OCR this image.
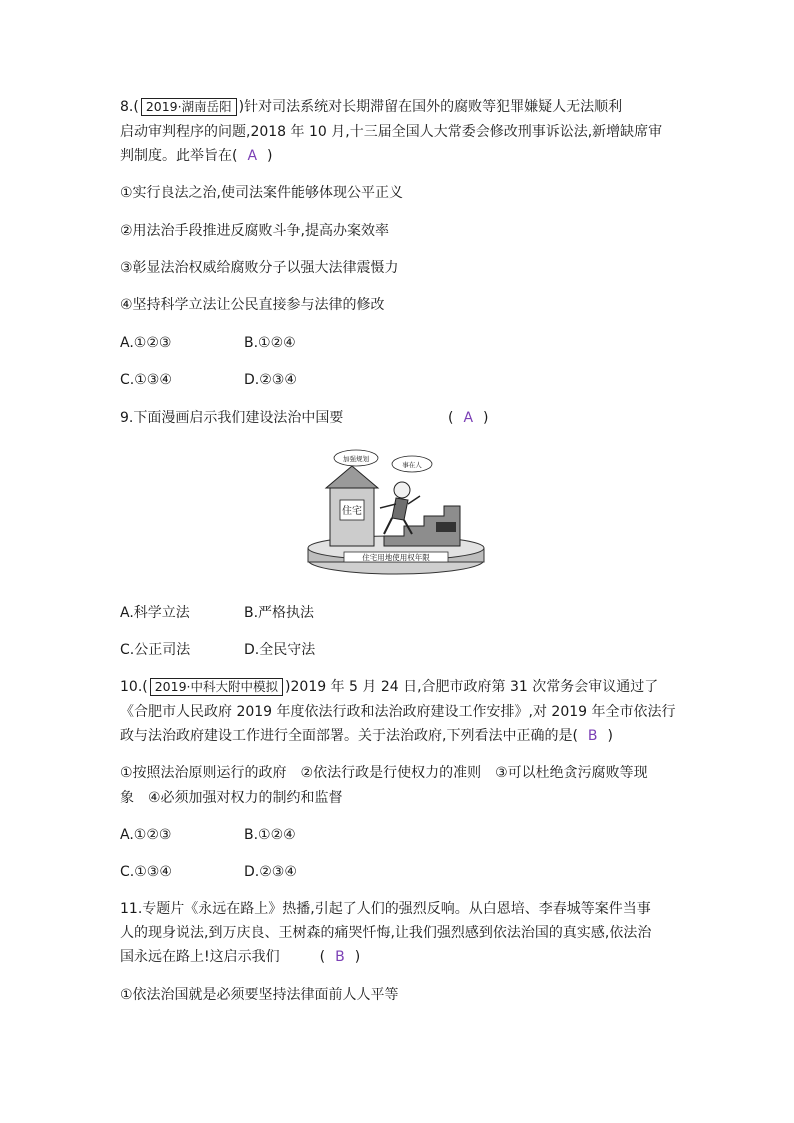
8.( 2019·湖南岳阳 )针对司法系统对长期滞留在国外的腐败等犯罪嫌疑人无法顺利
启动审判程序的问题,2018 年 10 月,十三届全国人大常委会修改刑事诉讼法,新增缺席审
判制度。此举旨在( A )
①实行良法之治,使司法案件能够体现公平正义
②用法治手段推进反腐败斗争,提高办案效率
③彰显法治权威给腐败分子以强大法律震慑力
④坚持科学立法让公民直接参与法律的修改
A.①②③	B.①②④
C.①③④	D.②③④
9.下面漫画启示我们建设法治中国要	( A )
住宅用地使用权年限
住宅
加强规划
事在人
A.科学立法	B.严格执法
C.公正司法	D.全民守法
10.( 2019·中科大附中模拟 )2019 年 5 月 24 日,合肥市政府第 31 次常务会审议通过了
《合肥市人民政府 2019 年度依法行政和法治政府建设工作安排》,对 2019 年全市依法行
政与法治政府建设工作进行全面部署。关于法治政府,下列看法中正确的是( B )
①按照法治原则运行的政府　②依法行政是行使权力的准则　③可以杜绝贪污腐败等现
象　④必须加强对权力的制约和监督
A.①②③	B.①②④
C.①③④	D.②③④
11.专题片《永远在路上》热播,引起了人们的强烈反响。从白恩培、李春城等案件当事
人的现身说法,到万庆良、王树森的痛哭忏悔,让我们强烈感到依法治国的真实感,依法治
国永远在路上!这启示我们	( B )
①依法治国就是必须要坚持法律面前人人平等
